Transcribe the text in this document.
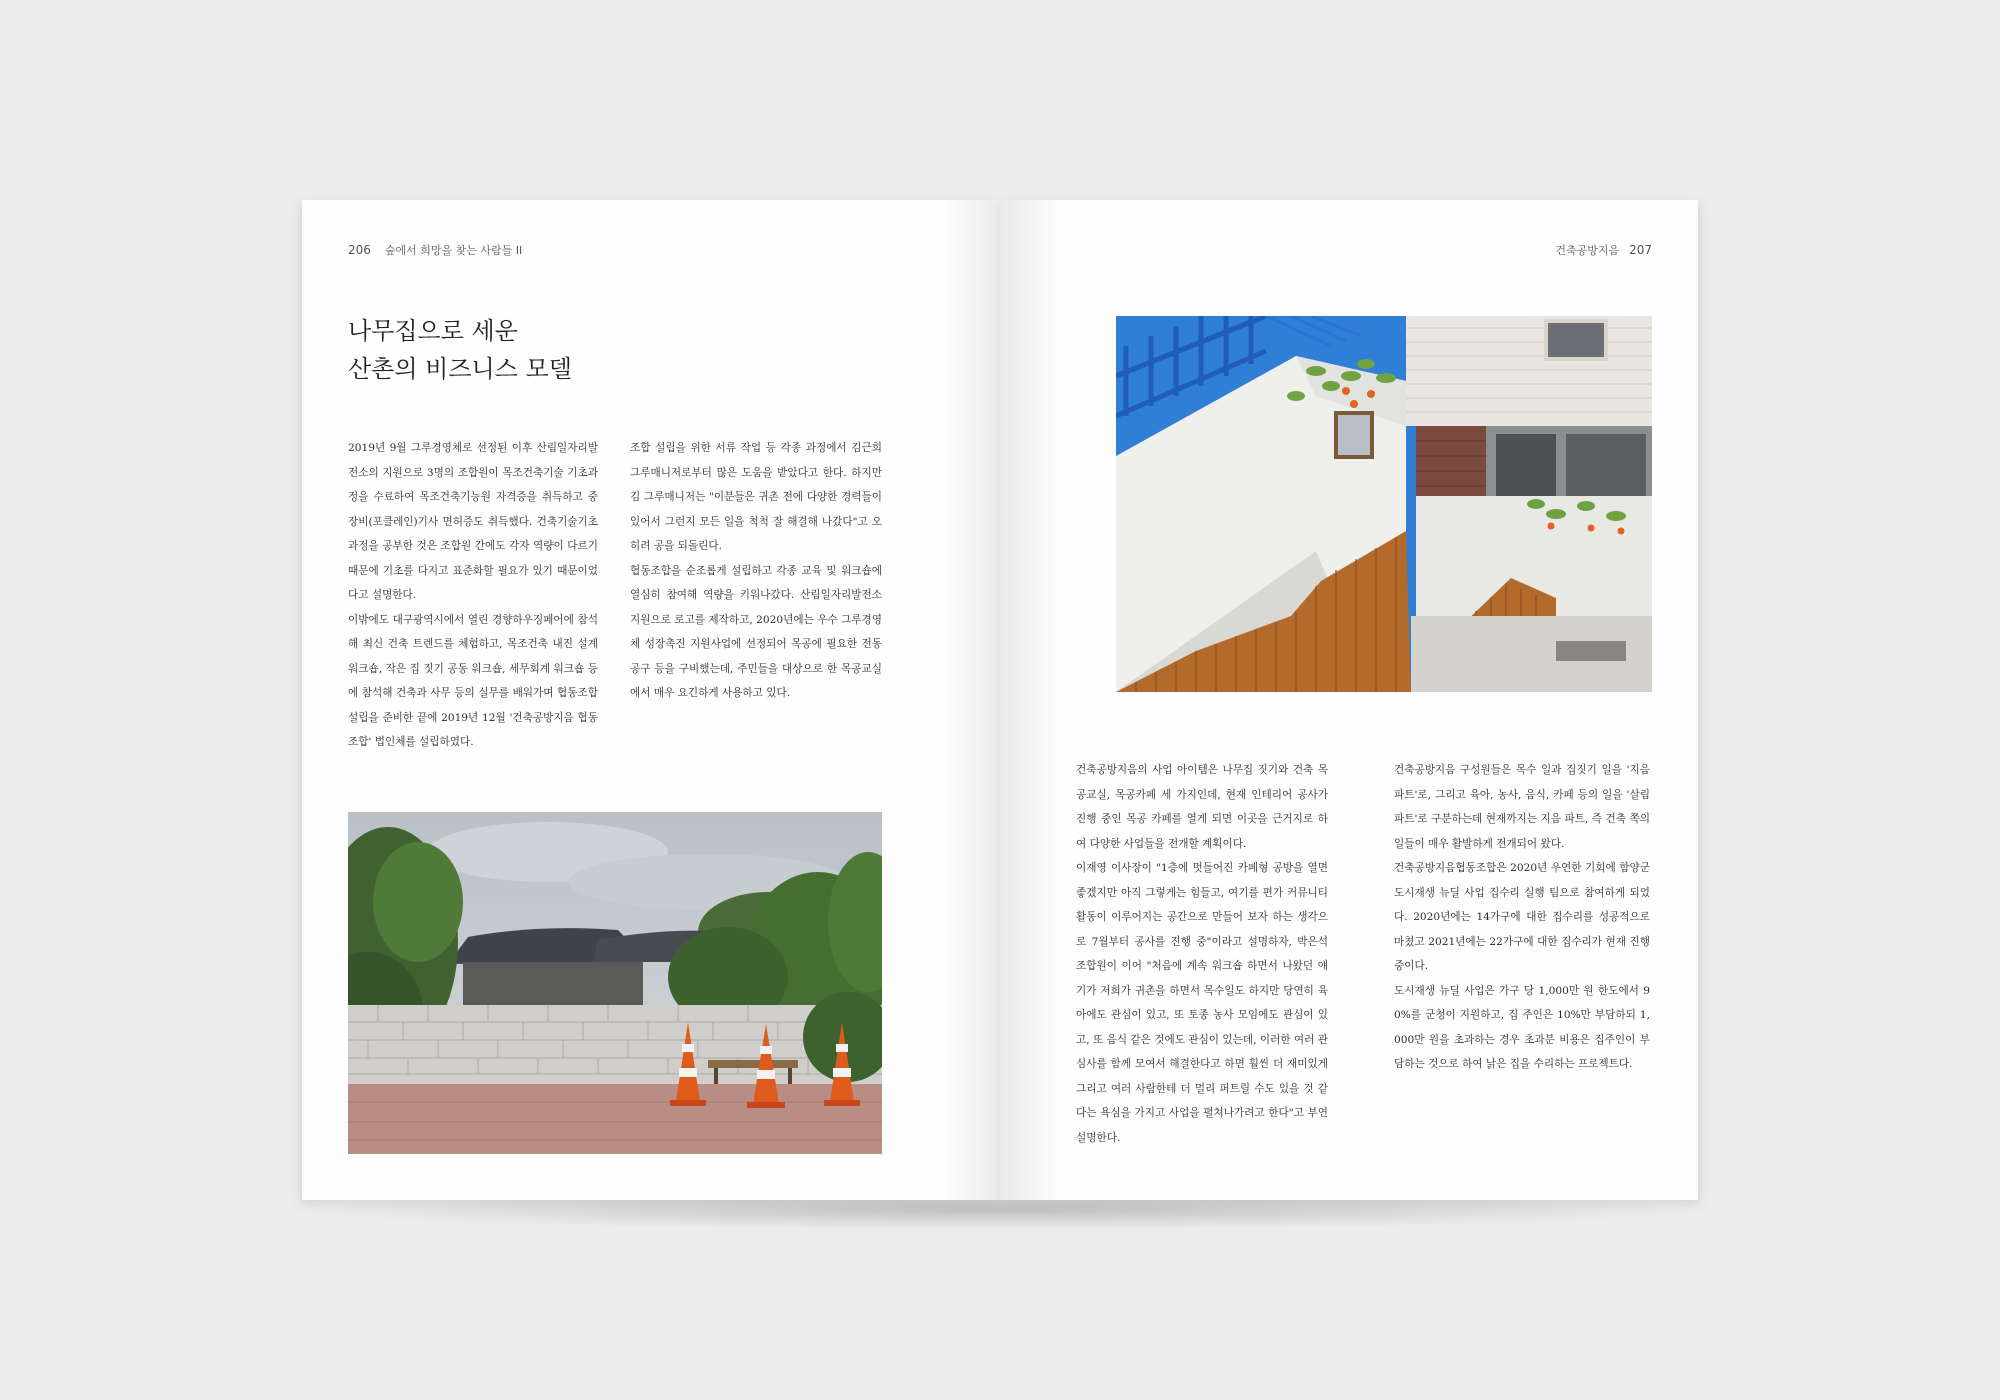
206 숲에서 희망을 찾는 사람들 II
나무집으로 세운
산촌의 비즈니스 모델

2019년 9월 그루경영체로 선정된 이후 산림일자리발전소의 지원으로 3명의 조합원이 목조건축기술 기초과정을 수료하여 목조건축기능원 자격증을 취득하고 중장비(포클레인)기사 면허증도 취득했다. 건축기술기초과정을 공부한 것은 조합원 간에도 각자 역량이 다르기 때문에 기초를 다지고 표준화할 필요가 있기 때문이었다고 설명한다.

이밖에도 대구광역시에서 열린 경향하우징페어에 참석해 최신 건축 트렌드를 체험하고, 목조건축 내진 설계 워크숍, 작은 집 짓기 공동 워크숍, 세무회계 워크숍 등에 참석해 건축과 사무 등의 실무를 배워가며 협동조합 설립을 준비한 끝에 2019년 12월 '건축공방지음 협동조합' 법인체를 설립하였다.

조합 설립을 위한 서류 작업 등 각종 과정에서 김근희 그루매니저로부터 많은 도움을 받았다고 한다. 하지만 김 그루매니저는 "이분들은 귀촌 전에 다양한 경력들이 있어서 그런지 모든 일을 척척 잘 해결해 나갔다"고 오히려 공을 되돌린다.

협동조합을 순조롭게 설립하고 각종 교육 및 워크숍에 열심히 참여해 역량을 키워나갔다. 산림일자리발전소 지원으로 로고를 제작하고, 2020년에는 우수 그루경영체 성장촉진 지원사업에 선정되어 목공에 필요한 전동공구 등을 구비했는데, 주민들을 대상으로 한 목공교실에서 매우 요긴하게 사용하고 있다.

건축공방지음 207

건축공방지음의 사업 아이템은 나무집 짓기와 건축 목공교실, 목공카페 세 가지인데, 현재 인테리어 공사가 진행 중인 목공 카페를 열게 되면 이곳을 근거지로 하여 다양한 사업들을 전개할 계획이다.

이재영 이사장이 "1층에 멋들어진 카페형 공방을 열면 좋겠지만 아직 그렇게는 힘들고, 여기를 편가 커뮤니티 활동이 이루어지는 공간으로 만들어 보자 하는 생각으로 7월부터 공사를 진행 중"이라고 설명하자, 박은석 조합원이 이어 "처음에 계속 워크숍 하면서 나왔던 얘기가 저희가 귀촌을 하면서 목수일도 하지만 당연히 육아에도 관심이 있고, 또 토종 농사 모임에도 관심이 있고, 또 음식 같은 것에도 관심이 있는데, 이러한 여러 관심사를 함께 모여서 해결한다고 하면 훨씬 더 재미있게 그리고 여러 사람한테 더 멀리 퍼트릴 수도 있을 것 같다는 욕심을 가지고 사업을 펼쳐나가려고 한다"고 부연 설명한다.

건축공방지음 구성원들은 목수 일과 집짓기 일을 '지음 파트'로, 그리고 육아, 농사, 음식, 카페 등의 일을 '살림 파트'로 구분하는데 현재까지는 지음 파트, 즉 건축 쪽의 일들이 매우 활발하게 전개되어 왔다.

건축공방지음협동조합은 2020년 우연한 기회에 함양군 도시재생 뉴딜 사업 집수리 실행 팀으로 참여하게 되었다. 2020년에는 14가구에 대한 집수리를 성공적으로 마쳤고 2021년에는 22가구에 대한 집수리가 현재 진행 중이다.

도시재생 뉴딜 사업은 가구 당 1,000만 원 한도에서 90%를 군청이 지원하고, 집 주인은 10%만 부담하되 1,000만 원을 초과하는 경우 초과분 비용은 집주인이 부담하는 것으로 하여 낡은 집을 수리하는 프로젝트다.
